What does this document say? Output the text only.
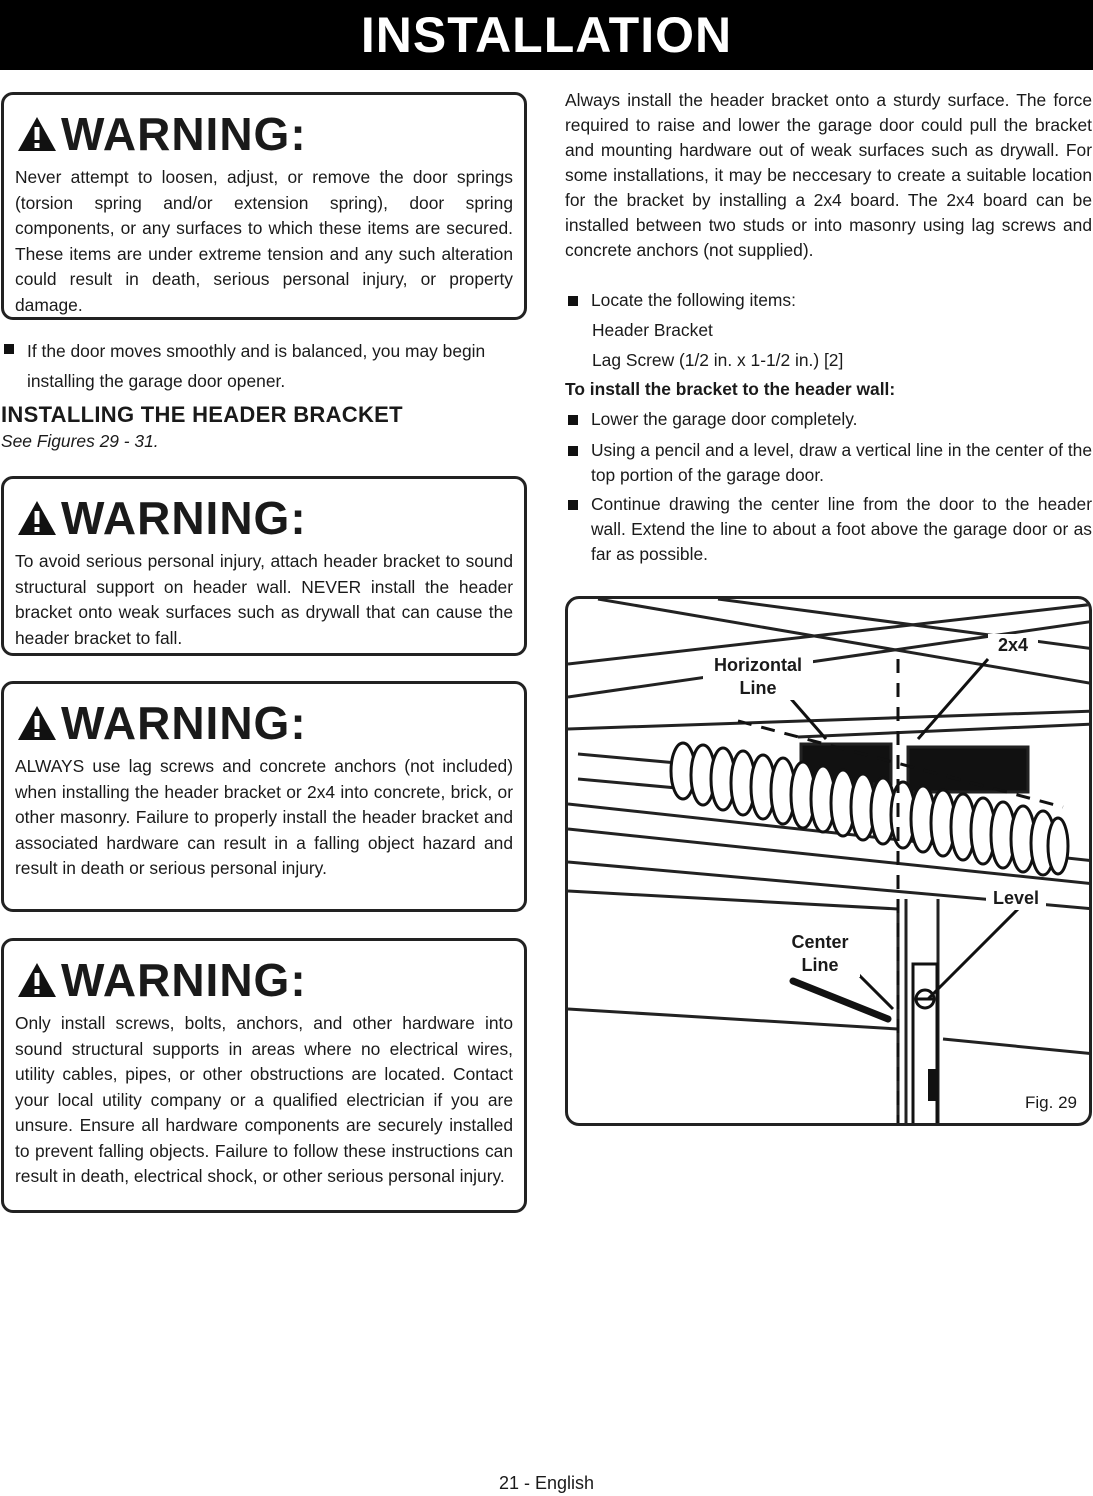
INSTALLATION
WARNING:

Never attempt to loosen, adjust, or remove the door springs (torsion spring and/or extension spring), door spring components, or any surfaces to which these items are secured. These items are under extreme tension and any such alteration could result in death, serious personal injury, or property damage.

If the door moves smoothly and is balanced, you may begin installing the garage door opener.
INSTALLING THE HEADER BRACKET
See Figures 29 - 31.
WARNING:

To avoid serious personal injury, attach header bracket to sound structural support on header wall. NEVER install the header bracket onto weak surfaces such as drywall that can cause the header bracket to fall.

WARNING:

ALWAYS use lag screws and concrete anchors (not included) when installing the header bracket or 2x4 into concrete, brick, or other masonry. Failure to properly install the header bracket and associated hardware can result in a falling object hazard and result in death or serious personal injury.

WARNING:

Only install screws, bolts, anchors, and other hardware into sound structural supports in areas where no electrical wires, utility cables, pipes, or other obstructions are located. Contact your local utility company or a qualified electrician if you are unsure. Ensure all hardware components are securely installed to prevent falling objects. Failure to follow these instructions can result in death, electrical shock, or other serious personal injury.

Always install the header bracket onto a sturdy surface. The force required to raise and lower the garage door could pull the bracket and mounting hardware out of weak surfaces such as drywall. For some installations, it may be neccesary to create a suitable location for the bracket by installing a 2x4 board. The 2x4 board can be installed between two studs or into masonry using lag screws and concrete anchors (not supplied).

Locate the following items:
Header Bracket
Lag Screw (1/2 in. x 1-1/2 in.) [2]
To install the bracket to the header wall:
Lower the garage door completely.
Using a pencil and a level, draw a vertical line in the center of the top portion of the garage door.
Continue drawing the center line from the door to the header wall. Extend the line to about a foot above the garage door or as far as possible.
Horizontal Line
2x4
Level
Center Line
Fig. 29
21 - English
